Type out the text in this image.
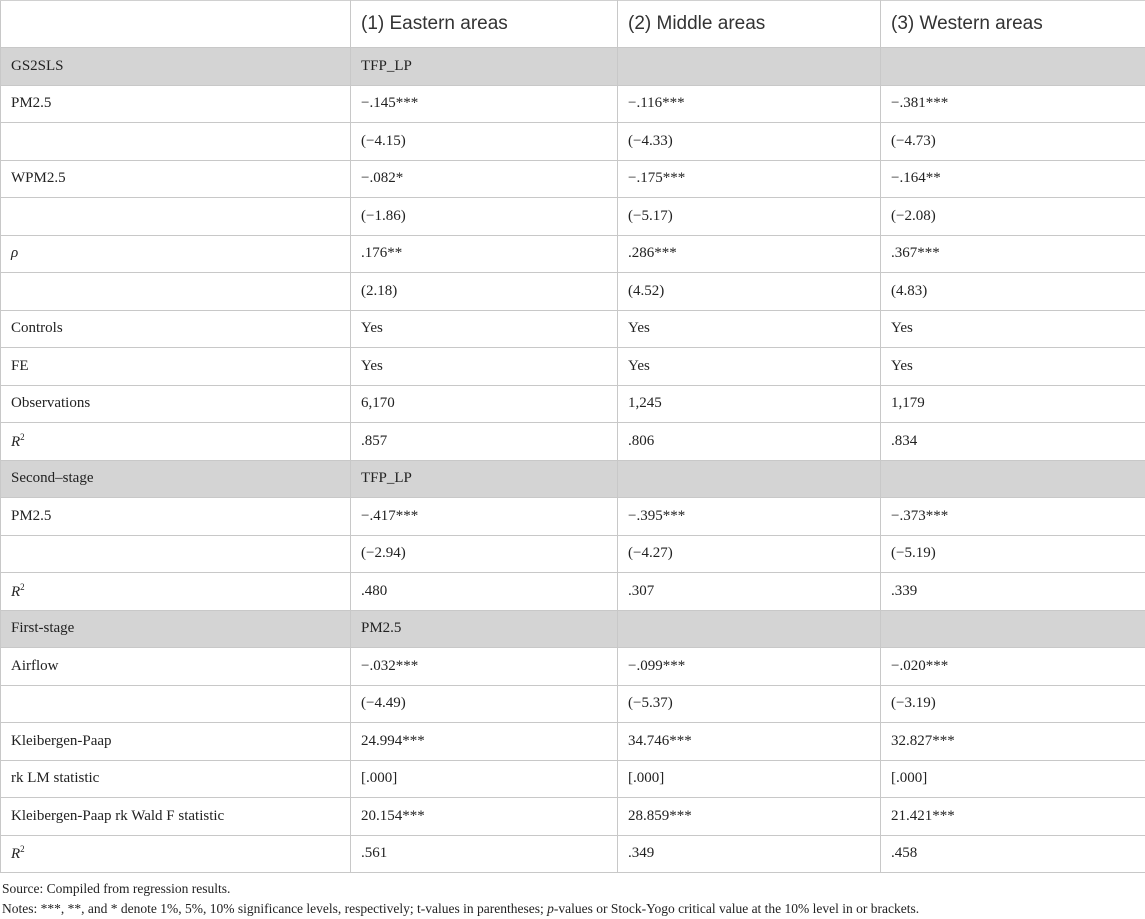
	(1) Eastern areas	(2) Middle areas	(3) Western areas
GS2SLS	TFP_LP		
PM2.5	−.145***	−.116***	−.381***
	(−4.15)	(−4.33)	(−4.73)
WPM2.5	−.082*	−.175***	−.164**
	(−1.86)	(−5.17)	(−2.08)
ρ	.176**	.286***	.367***
	(2.18)	(4.52)	(4.83)
Controls	Yes	Yes	Yes
FE	Yes	Yes	Yes
Observations	6,170	1,245	1,179
$R^2$	.857	.806	.834
Second–stage	TFP_LP		
PM2.5	−.417***	−.395***	−.373***
	(−2.94)	(−4.27)	(−5.19)
$R^2$	.480	.307	.339
First-stage	PM2.5		
Airflow	−.032***	−.099***	−.020***
	(−4.49)	(−5.37)	(−3.19)
Kleibergen-Paap	24.994***	34.746***	32.827***
rk LM statistic	[.000]	[.000]	[.000]
Kleibergen-Paap rk Wald F statistic	20.154***	28.859***	21.421***
$R^2$	.561	.349	.458
Source: Compiled from regression results.
Notes: ***, **, and * denote 1%, 5%, 10% significance levels, respectively; t-values in parentheses; p-values or Stock-Yogo critical value at the 10% level in or brackets.
